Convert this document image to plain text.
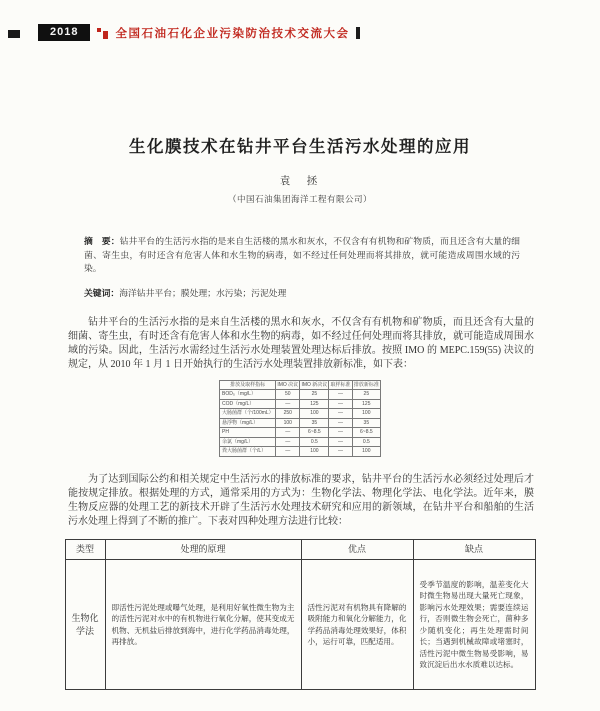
2018	全国石油石化企业污染防治技术交流大会
生化膜技术在钻井平台生活污水处理的应用
袁　拯
（中国石油集团海洋工程有限公司）

摘　要：钻井平台的生活污水指的是来自生活楼的黑水和灰水，不仅含有有机物和矿物质，而且还含有大量的细菌、寄生虫，有时还含有危害人体和水生物的病毒，如不经过任何处理而将其排放，就可能造成周围水域的污染。

关键词：海洋钻井平台；膜处理；水污染；污泥处理

钻井平台的生活污水指的是来自生活楼的黑水和灰水，不仅含有有机物和矿物质，而且还含有大量的细菌、寄生虫，有时还含有危害人体和水生物的病毒，如不经过任何处理而将其排放，就可能造成周围水域的污染。因此，生活污水需经过生活污水处理装置处理达标后排放。按照 IMO 的 MEPC.159(55) 决议的规定，从 2010 年 1 月 1 日开始执行的生活污水处理装置排放新标准，如下表：

排放及取样指标	IMO 决议	IMO 新决议	取样标准	排放新标准
BOD₅（mg/L）	50	25	—	25
COD（mg/L）	—	125	—	125
大肠菌群（个/100mL）	250	100	—	100
悬浮物（mg/L）	100	35	—	35
PH	—	6~8.5	—	6~8.5
余氯（mg/L）	—	0.5	—	0.5
粪大肠菌群（个/L）	—	100	—	100

为了达到国际公约和相关规定中生活污水的排放标准的要求，钻井平台的生活污水必须经过处理后才能按规定排放。根据处理的方式，通常采用的方式为：生物化学法、物理化学法、电化学法。近年来，膜生物反应器的处理工艺的新技术开辟了生活污水处理技术研究和应用的新领域，在钻井平台和船舶的生活污水处理上得到了不断的推广。下表对四种处理方法进行比较：

类型	处理的原理	优点	缺点
生物化学法	即活性污泥处理或曝气处理，是利用好氧性微生物为主的活性污泥对水中的有机物进行氧化分解，使其变成无机物、无机盐后排放到海中，进行化学药品消毒处理，再排放。	活性污泥对有机物具有降解的吸附能力和氧化分解能力，化学药品消毒处理效果好，体积小，运行可靠，匹配适用。	受季节温度的影响，温差变化大时微生物易出现大量死亡现象，影响污水处理效果；需要连续运行，否则微生物会死亡，菌种多少随机变化；再生处理需时间长；当遇到机械故障或堵塞时，活性污泥中微生物易受影响，易致沉淀后出水水质难以达标。
